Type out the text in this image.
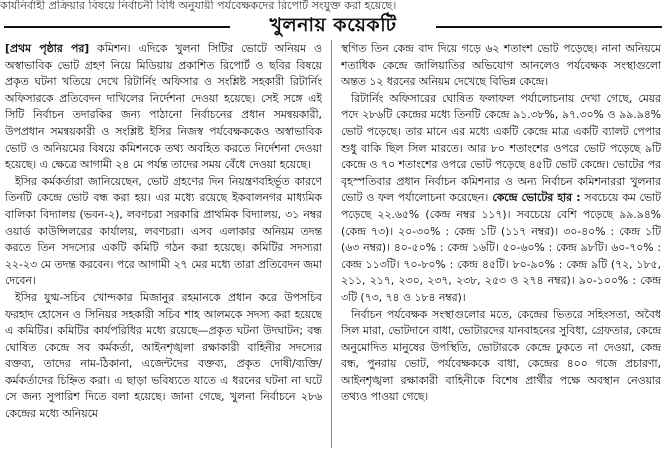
কার্যনির্বাহী প্রক্রিয়ার বিষয়ে নির্বাচনী বিধি অনুযায়ী পর্যবেক্ষকদের রিপোর্ট সংযুক্ত করা হয়েছে।
খুলনায় কয়েকটি

[প্রথম পৃষ্ঠার পর] কমিশন। এদিকে খুলনা সিটির ভোটে অনিয়ম ও অস্বাভাবিক ভোট গ্রহণ নিয়ে মিডিয়ায় প্রকাশিত রিপোর্ট ও ছবির বিষয়ে প্রকৃত ঘটনা খতিয়ে দেখে রিটার্নিং অফিসার ও সংশ্লিষ্ট সহকারী রিটার্নিং অফিসারকে প্রতিবেদন দাখিলের নির্দেশনা দেওয়া হয়েছে। সেই সঙ্গে এই সিটি নির্বাচন তদারকির জন্য পাঠানো নির্বাচনের প্রধান সমন্বয়কারী, উপপ্রধান সমন্বয়কারী ও সংশ্লিষ্ট ইসির নিজস্ব পর্যবেক্ষককেও অস্বাভাবিক ভোট ও অনিয়মের বিষয়ে কমিশনকে তথ্য অবহিত করতে নির্দেশনা দেওয়া হয়েছে। এ ক্ষেত্রে আগামী ২৪ মে পর্যন্ত তাদের সময় বেঁধে দেওয়া হয়েছে।

ইসির কর্মকর্তারা জানিয়েছেন, ভোট গ্রহণের দিন নিয়ন্ত্রণবহির্ভূত কারণে তিনটি কেন্দ্রে ভোট বন্ধ করা হয়। এর মধ্যে রয়েছে ইকবালনগর মাধ্যমিক বালিকা বিদ্যালয় (ভবন-২), লবণচরা সরকারি প্রাথমিক বিদ্যালয়, ৩১ নম্বর ওয়ার্ড কাউন্সিলরের কার্যালয়, লবণচরা। এসব এলাকার অনিয়ম তদন্ত করতে তিন সদস্যের একটি কমিটি গঠন করা হয়েছে। কমিটির সদস্যরা ২২-২৩ মে তদন্ত করবেন। পরে আগামী ২৭ মের মধ্যে তারা প্রতিবেদন জমা দেবেন।

ইসির যুগ্ম-সচিব খোন্দকার মিজানুর রহমানকে প্রধান করে উপসচিব ফরহাদ হোসেন ও সিনিয়র সহকারী সচিব শাহ আলমকে সদস্য করা হয়েছে এ কমিটির। কমিটির কার্যপরিধির মধ্যে রয়েছে—প্রকৃত ঘটনা উদঘাটন; বন্ধ ঘোষিত কেন্দ্রে সব কর্মকর্তা, আইনশৃঙ্খলা রক্ষাকারী বাহিনীর সদস্যের বক্তব্য, তাদের নাম-ঠিকানা, এজেন্টদের বক্তব্য, প্রকৃত দোষী/ব্যক্তি/কর্মকর্তাদের চিহ্নিত করা। এ ছাড়া ভবিষ্যতে যাতে এ ধরনের ঘটনা না ঘটে সে জন্য সুপারিশ দিতে বলা হয়েছে। জানা গেছে, খুলনা নির্বাচনে ২৮৬ কেন্দ্রের মধ্যে অনিয়মে

স্থগিত তিন কেন্দ্র বাদ দিয়ে গড়ে ৬২ শতাংশ ভোট পড়েছে। নানা অনিয়মে শতাধিক কেন্দ্রে জালিয়াতির অভিযোগ আনলেও পর্যবেক্ষক সংস্থাগুলো অন্তত ১২ ধরনের অনিয়ম দেখেছে বিভিন্ন কেন্দ্রে।

রিটার্নিং অফিসারের ঘোষিত ফলাফল পর্যালোচনায় দেখা গেছে, মেয়র পদে ২৮৬টি কেন্দ্রের মধ্যে তিনটি কেন্দ্রে ৯১.৩৮%, ৯৭.৩০% ও ৯৯.৯৪% ভোট পড়েছে। তার মানে এর মধ্যে একটি কেন্দ্রে মাত্র একটি ব্যালট পেপার শুধু বাকি ছিল সিল মারতে। আর ৮০ শতাংশের ওপরে ভোট পড়েছে ৯টি কেন্দ্রে ও ৭০ শতাংশের ওপরে ভোট পড়েছে ৪৫টি ভোট কেন্দ্রে। ভোটের পর বৃহস্পতিবার প্রধান নির্বাচন কমিশনার ও অন্য নির্বাচন কমিশনাররা খুলনার ভোট ও ফল পর্যালোচনা করেছেন। কেন্দ্রে ভোটের হার : সবচেয়ে কম ভোট পড়েছে ২২.৬৫% (কেন্দ্র নম্বর ১১৭)। সবচেয়ে বেশি পড়েছে ৯৯.৯৪% (কেন্দ্র ৭৩)। ২০-৩০% : কেন্দ্র ১টি (১১৭ নম্বর)। ৩০-৪০% : কেন্দ্র ১টি (৬৩ নম্বর)। ৪০-৫০% : কেন্দ্র ১৬টি। ৫০-৬০% : কেন্দ্র ৯৮টি। ৬০-৭০% : কেন্দ্র ১১৩টি। ৭০-৮০% : কেন্দ্র ৪৫টি। ৮০-৯০% : কেন্দ্র ৯টি (৭২, ১৮৫, ২১১, ২১৭, ২৩০, ২৩৭, ২৩৮, ২৫৩ ও ২৭৪ নম্বর)। ৯০-১০০% : কেন্দ্র ৩টি (৭৩, ৭৪ ও ১৮৪ নম্বর)।

নির্বাচন পর্যবেক্ষক সংস্থাগুলোর মতে, কেন্দ্রের ভিতরে সহিংসতা, অবৈধ সিল মারা, ভোটদানে বাধা, ভোটারদের যানবাহনের সুবিধা, গ্রেফতার, কেন্দ্রে অনুমোদিত মানুষের উপস্থিতি, ভোটারকে কেন্দ্রে ঢুকতে না দেওয়া, কেন্দ্র বন্ধ, পুনরায় ভোট, পর্যবেক্ষককে বাধা, কেন্দ্রের ৪০০ গজে প্রচারণা, আইনশৃঙ্খলা রক্ষাকারী বাহিনীকে বিশেষ প্রার্থীর পক্ষে অবস্থান নেওয়ার তথ্যও পাওয়া গেছে।
